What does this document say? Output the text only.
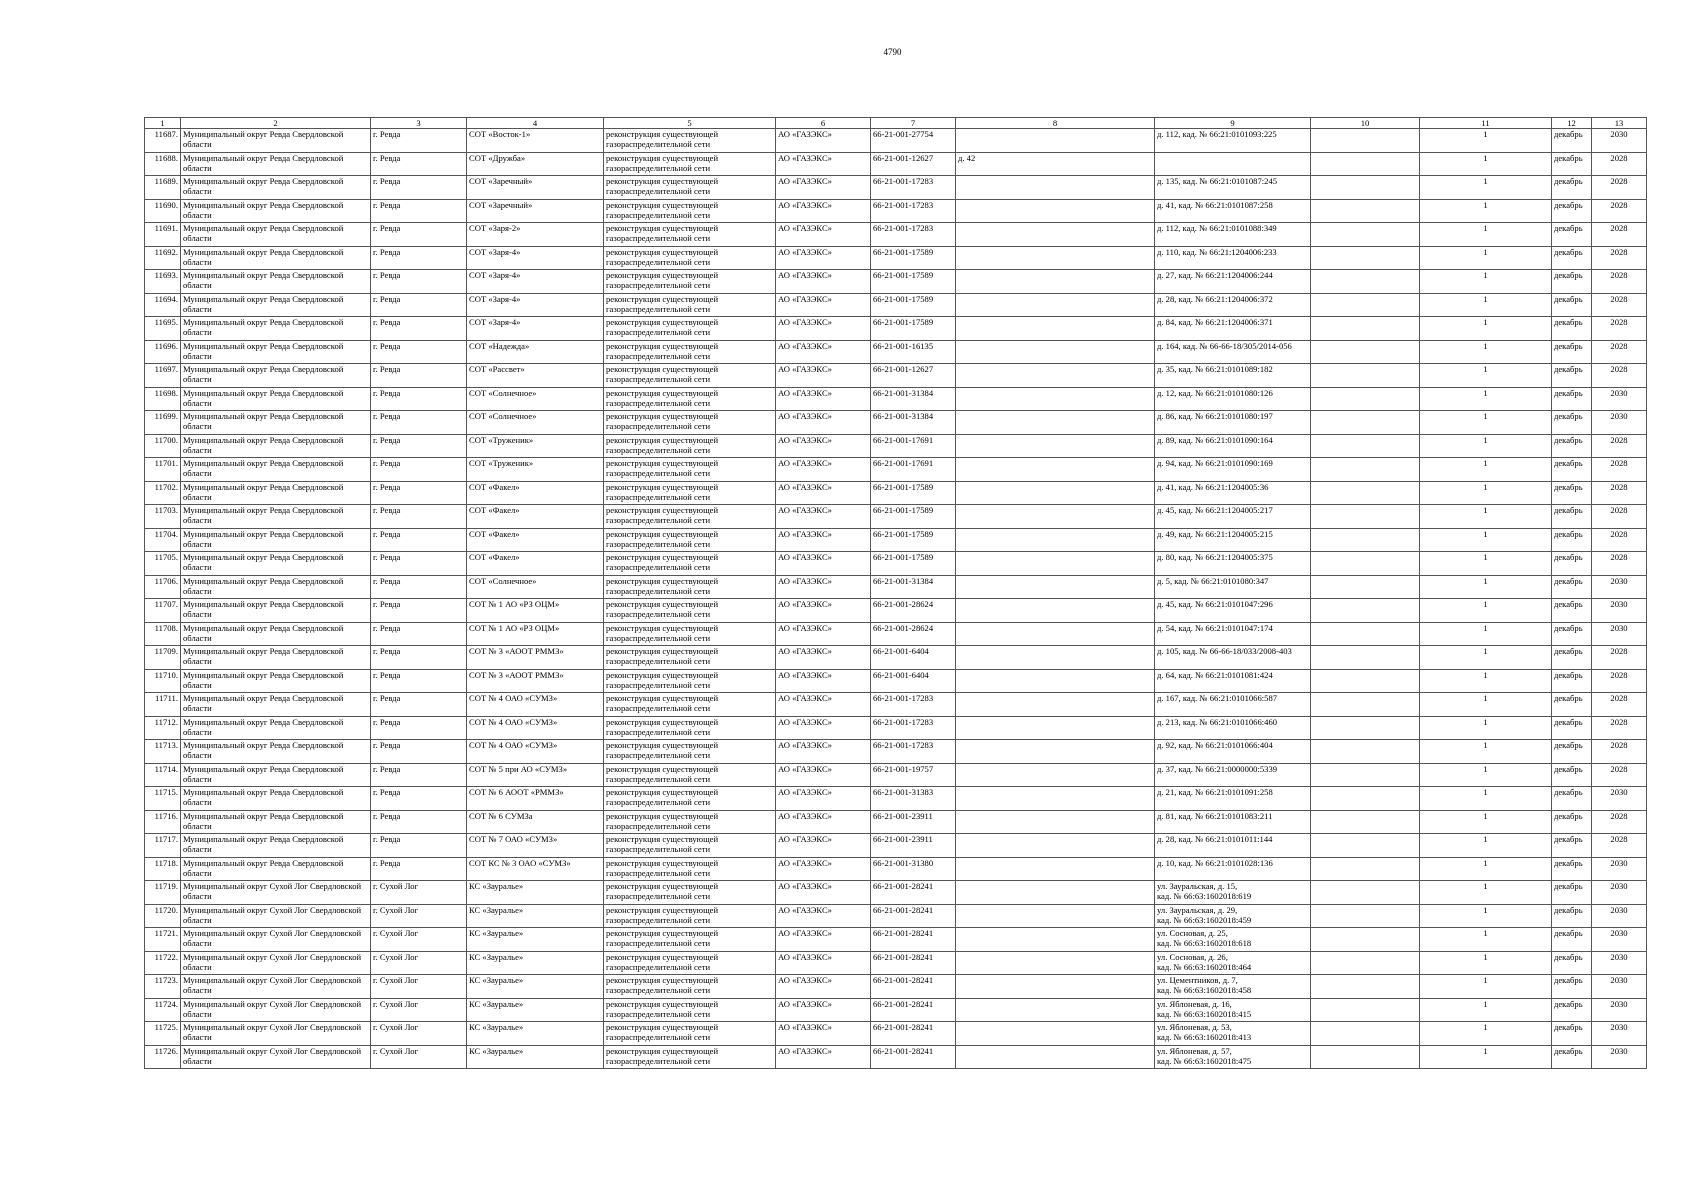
4790
1	2	3	4	5	6	7	8	9	10	11	12	13
11687.	Муниципальный округ Ревда Свердловской области	г. Ревда	СОТ «Восток-1»	реконструкция существующей газораспределительной сети	АО «ГАЗЭКС»	66-21-001-27754		д. 112, кад. № 66:21:0101093:225		1	декабрь	2030
11688.	Муниципальный округ Ревда Свердловской области	г. Ревда	СОТ «Дружба»	реконструкция существующей газораспределительной сети	АО «ГАЗЭКС»	66-21-001-12627	д. 42			1	декабрь	2028
11689.	Муниципальный округ Ревда Свердловской области	г. Ревда	СОТ «Заречный»	реконструкция существующей газораспределительной сети	АО «ГАЗЭКС»	66-21-001-17283		д. 135, кад. № 66:21:0101087:245		1	декабрь	2028
11690.	Муниципальный округ Ревда Свердловской области	г. Ревда	СОТ «Заречный»	реконструкция существующей газораспределительной сети	АО «ГАЗЭКС»	66-21-001-17283		д. 41, кад. № 66:21:0101087:258		1	декабрь	2028
11691.	Муниципальный округ Ревда Свердловской области	г. Ревда	СОТ «Заря-2»	реконструкция существующей газораспределительной сети	АО «ГАЗЭКС»	66-21-001-17283		д. 112, кад. № 66:21:0101088:349		1	декабрь	2028
11692.	Муниципальный округ Ревда Свердловской области	г. Ревда	СОТ «Заря-4»	реконструкция существующей газораспределительной сети	АО «ГАЗЭКС»	66-21-001-17589		д. 110, кад. № 66:21:1204006:233		1	декабрь	2028
11693.	Муниципальный округ Ревда Свердловской области	г. Ревда	СОТ «Заря-4»	реконструкция существующей газораспределительной сети	АО «ГАЗЭКС»	66-21-001-17589		д. 27, кад. № 66:21:1204006:244		1	декабрь	2028
11694.	Муниципальный округ Ревда Свердловской области	г. Ревда	СОТ «Заря-4»	реконструкция существующей газораспределительной сети	АО «ГАЗЭКС»	66-21-001-17589		д. 28, кад. № 66:21:1204006:372		1	декабрь	2028
11695.	Муниципальный округ Ревда Свердловской области	г. Ревда	СОТ «Заря-4»	реконструкция существующей газораспределительной сети	АО «ГАЗЭКС»	66-21-001-17589		д. 84, кад. № 66:21:1204006:371		1	декабрь	2028
11696.	Муниципальный округ Ревда Свердловской области	г. Ревда	СОТ «Надежда»	реконструкция существующей газораспределительной сети	АО «ГАЗЭКС»	66-21-001-16135		д. 164, кад. № 66-66-18/305/2014-056		1	декабрь	2028
11697.	Муниципальный округ Ревда Свердловской области	г. Ревда	СОТ «Рассвет»	реконструкция существующей газораспределительной сети	АО «ГАЗЭКС»	66-21-001-12627		д. 35, кад. № 66:21:0101089:182		1	декабрь	2028
11698.	Муниципальный округ Ревда Свердловской области	г. Ревда	СОТ «Солнечное»	реконструкция существующей газораспределительной сети	АО «ГАЗЭКС»	66-21-001-31384		д. 12, кад. № 66:21:0101080:126		1	декабрь	2030
11699.	Муниципальный округ Ревда Свердловской области	г. Ревда	СОТ «Солнечное»	реконструкция существующей газораспределительной сети	АО «ГАЗЭКС»	66-21-001-31384		д. 86, кад. № 66:21:0101080:197		1	декабрь	2030
11700.	Муниципальный округ Ревда Свердловской области	г. Ревда	СОТ «Труженик»	реконструкция существующей газораспределительной сети	АО «ГАЗЭКС»	66-21-001-17691		д. 89, кад. № 66:21:0101090:164		1	декабрь	2028
11701.	Муниципальный округ Ревда Свердловской области	г. Ревда	СОТ «Труженик»	реконструкция существующей газораспределительной сети	АО «ГАЗЭКС»	66-21-001-17691		д. 94, кад. № 66:21:0101090:169		1	декабрь	2028
11702.	Муниципальный округ Ревда Свердловской области	г. Ревда	СОТ «Факел»	реконструкция существующей газораспределительной сети	АО «ГАЗЭКС»	66-21-001-17589		д. 41, кад. № 66:21:1204005:36		1	декабрь	2028
11703.	Муниципальный округ Ревда Свердловской области	г. Ревда	СОТ «Факел»	реконструкция существующей газораспределительной сети	АО «ГАЗЭКС»	66-21-001-17589		д. 45, кад. № 66:21:1204005:217		1	декабрь	2028
11704.	Муниципальный округ Ревда Свердловской области	г. Ревда	СОТ «Факел»	реконструкция существующей газораспределительной сети	АО «ГАЗЭКС»	66-21-001-17589		д. 49, кад. № 66:21:1204005:215		1	декабрь	2028
11705.	Муниципальный округ Ревда Свердловской области	г. Ревда	СОТ «Факел»	реконструкция существующей газораспределительной сети	АО «ГАЗЭКС»	66-21-001-17589		д. 80, кад. № 66:21:1204005:375		1	декабрь	2028
11706.	Муниципальный округ Ревда Свердловской области	г. Ревда	СОТ «Солнечное»	реконструкция существующей газораспределительной сети	АО «ГАЗЭКС»	66-21-001-31384		д. 5, кад. № 66:21:0101080:347		1	декабрь	2030
11707.	Муниципальный округ Ревда Свердловской области	г. Ревда	СОТ № 1 АО «РЗ ОЦМ»	реконструкция существующей газораспределительной сети	АО «ГАЗЭКС»	66-21-001-28624		д. 45, кад. № 66:21:0101047:296		1	декабрь	2030
11708.	Муниципальный округ Ревда Свердловской области	г. Ревда	СОТ № 1 АО «РЗ ОЦМ»	реконструкция существующей газораспределительной сети	АО «ГАЗЭКС»	66-21-001-28624		д. 54, кад. № 66:21:0101047:174		1	декабрь	2030
11709.	Муниципальный округ Ревда Свердловской области	г. Ревда	СОТ № 3 «АООТ РММЗ»	реконструкция существующей газораспределительной сети	АО «ГАЗЭКС»	66-21-001-6404		д. 105, кад. № 66-66-18/033/2008-403		1	декабрь	2028
11710.	Муниципальный округ Ревда Свердловской области	г. Ревда	СОТ № 3 «АООТ РММЗ»	реконструкция существующей газораспределительной сети	АО «ГАЗЭКС»	66-21-001-6404		д. 64, кад. № 66:21:0101081:424		1	декабрь	2028
11711.	Муниципальный округ Ревда Свердловской области	г. Ревда	СОТ № 4 ОАО «СУМЗ»	реконструкция существующей газораспределительной сети	АО «ГАЗЭКС»	66-21-001-17283		д. 167, кад. № 66:21:0101066:587		1	декабрь	2028
11712.	Муниципальный округ Ревда Свердловской области	г. Ревда	СОТ № 4 ОАО «СУМЗ»	реконструкция существующей газораспределительной сети	АО «ГАЗЭКС»	66-21-001-17283		д. 213, кад. № 66:21:0101066:460		1	декабрь	2028
11713.	Муниципальный округ Ревда Свердловской области	г. Ревда	СОТ № 4 ОАО «СУМЗ»	реконструкция существующей газораспределительной сети	АО «ГАЗЭКС»	66-21-001-17283		д. 92, кад. № 66:21:0101066:404		1	декабрь	2028
11714.	Муниципальный округ Ревда Свердловской области	г. Ревда	СОТ № 5 при АО «СУМЗ»	реконструкция существующей газораспределительной сети	АО «ГАЗЭКС»	66-21-001-19757		д. 37, кад. № 66:21:0000000:5339		1	декабрь	2028
11715.	Муниципальный округ Ревда Свердловской области	г. Ревда	СОТ № 6 АООТ «РММЗ»	реконструкция существующей газораспределительной сети	АО «ГАЗЭКС»	66-21-001-31383		д. 21, кад. № 66:21:0101091:258		1	декабрь	2030
11716.	Муниципальный округ Ревда Свердловской области	г. Ревда	СОТ № 6 СУМЗа	реконструкция существующей газораспределительной сети	АО «ГАЗЭКС»	66-21-001-23911		д. 81, кад. № 66:21:0101083:211		1	декабрь	2028
11717.	Муниципальный округ Ревда Свердловской области	г. Ревда	СОТ № 7 ОАО «СУМЗ»	реконструкция существующей газораспределительной сети	АО «ГАЗЭКС»	66-21-001-23911		д. 28, кад. № 66:21:0101011:144		1	декабрь	2028
11718.	Муниципальный округ Ревда Свердловской области	г. Ревда	СОТ КС № 3 ОАО «СУМЗ»	реконструкция существующей газораспределительной сети	АО «ГАЗЭКС»	66-21-001-31380		д. 10, кад. № 66:21:0101028:136		1	декабрь	2030
11719.	Муниципальный округ Сухой Лог Свердловской области	г. Сухой Лог	КС «Зауралье»	реконструкция существующей газораспределительной сети	АО «ГАЗЭКС»	66-21-001-28241		ул. Зауральская, д. 15,
кад. № 66:63:1602018:619		1	декабрь	2030
11720.	Муниципальный округ Сухой Лог Свердловской области	г. Сухой Лог	КС «Зауралье»	реконструкция существующей газораспределительной сети	АО «ГАЗЭКС»	66-21-001-28241		ул. Зауральская, д. 29,
кад. № 66:63:1602018:459		1	декабрь	2030
11721.	Муниципальный округ Сухой Лог Свердловской области	г. Сухой Лог	КС «Зауралье»	реконструкция существующей газораспределительной сети	АО «ГАЗЭКС»	66-21-001-28241		ул. Сосновая, д. 25,
кад. № 66:63:1602018:618		1	декабрь	2030
11722.	Муниципальный округ Сухой Лог Свердловской области	г. Сухой Лог	КС «Зауралье»	реконструкция существующей газораспределительной сети	АО «ГАЗЭКС»	66-21-001-28241		ул. Сосновая, д. 26,
кад. № 66:63:1602018:464		1	декабрь	2030
11723.	Муниципальный округ Сухой Лог Свердловской области	г. Сухой Лог	КС «Зауралье»	реконструкция существующей газораспределительной сети	АО «ГАЗЭКС»	66-21-001-28241		ул. Цементников, д. 7,
кад. № 66:63:1602018:458		1	декабрь	2030
11724.	Муниципальный округ Сухой Лог Свердловской области	г. Сухой Лог	КС «Зауралье»	реконструкция существующей газораспределительной сети	АО «ГАЗЭКС»	66-21-001-28241		ул. Яблоневая, д. 16,
кад. № 66:63:1602018:415		1	декабрь	2030
11725.	Муниципальный округ Сухой Лог Свердловской области	г. Сухой Лог	КС «Зауралье»	реконструкция существующей газораспределительной сети	АО «ГАЗЭКС»	66-21-001-28241		ул. Яблоневая, д. 53,
кад. № 66:63:1602018:413		1	декабрь	2030
11726.	Муниципальный округ Сухой Лог Свердловской области	г. Сухой Лог	КС «Зауралье»	реконструкция существующей газораспределительной сети	АО «ГАЗЭКС»	66-21-001-28241		ул. Яблоневая, д. 57,
кад. № 66:63:1602018:475		1	декабрь	2030
